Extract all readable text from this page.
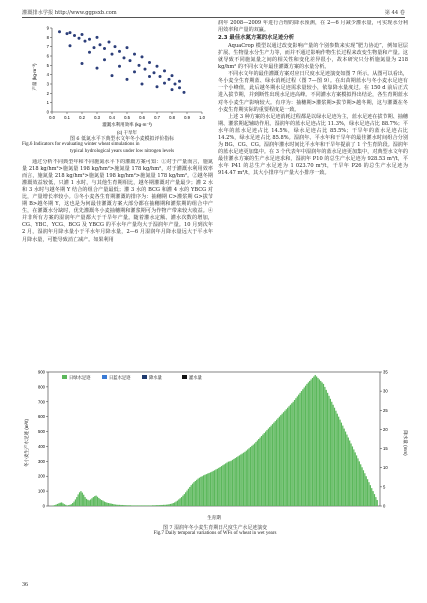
灌溉排水学报 http://www.ggpsxb.com	第 44 卷
产量 (kg·m⁻³)
0
1
2
3
4
5
6
7
8
9
0.0 0.1 0.2 0.3 0.4 0.5 0.6 0.7 0.8 0.9 1.0
灌溉水利用效率 (kg·m⁻³)
(c) 干旱年
图 6 低氮水平下典型水文年冬小麦模拟评价指标
Fig.6 Indicators for evaluating winter wheat simulations in
typical hydrological years under low nitrogen levels

通过分析不同典型年和不同施氮水平下的灌溉方案可知：①对于产量而言，施氮量 218 kg/hm²>施氮量 198 kg/hm²>施氮量 178 kg/hm²，对于灌溉水利用效率而言，施氮量 218 kg/hm²>施氮量 198 kg/hm²>施氮量 178 kg/hm²。②越冬期灌溉效益较低，只灌 1 水时，与其他生育期相比，越冬期灌溉对产量最少；灌 2 水和 3 水时与越冬期 Y 结合的组合产量最低；灌 3 水的 BCG 和灌 4 水的 YBCG 对比，产量增长率较小。③冬小麦各生育期灌溉的排序为：抽穗期 C>灌浆期 G>拔节期 B>越冬期 Y，这也是为何最佳灌溉方案大部分都在抽穗期和灌浆期的组合中产生，在灌溉水分缺时，优先灌溉冬小麦抽穗期和灌浆期可为作物产带来较大收益。④并非所有方案的湿润年产量都大于干旱年产量。随着灌水定额、灌水次数的增加，CG、YBC、YCG、BCG 及 YBCG 的平水年产量均大于湿润年产量。10 月到次年 2 月，湿润年月降水量小于平水年月降水量，2—6 月湿润年月降水量远大于平水年月降水量，可能导致消亡减产。如果利用

润年 2008—2009 年进行合理的降水预测，在 2—6 月减少灌水量，可实现水分利用效率和产量的双赢。

2.3 最佳水氮方案的水足迹分析

AquaCrop 模型以通过改变影响产量的个别参数来实现“肥力协迫”，例如冠层扩展、生物量水分生产力等，而并不通过影响作物生长过程来改变生物量和产量。这就导致不同施氮量之间的相关性和变化差异很小，故本研究只分析施氮量为 218 kg/hm² 的不同水文年最佳灌溉方案的水量分析。

不同水文年的最佳灌溉方案对应日尺度水足迹演变如图 7 所示。从图可以看出，冬小麦全生育期蓝、绿水消耗过程（图 7—图 9）。在出苗期蓝水与冬小麦水足迹有一个小峰值，此后越冬期水足迹需求量较小，依靠降水量度过。在 150 d 前后正式进入拔节期，并到断性出现水足迹高峰。不同灌水方案模拟得出结论，各生育期蓝水对冬小麦生产影响较大。有序为：抽穗期>灌浆期>拔节期>越冬期，这与灌溉在冬小麦生育期实际的重要程度是一致。

上述 3 种方案的水足迹消耗过程都是以绿水足迹为主，蓝水足迹在拔节期、抽穗期、灌浆期起辅助作用。湿润年的蓝水足迹占比 11.3%，绿水足迹占比 88.7%；平水年的蓝水足迹占比 14.5%，绿水足迹占比 85.5%；干旱年的蓝水足迹占比 14.2%，绿水足迹占比 85.8%。湿润年、平水年和干旱年的最佳灌水时间组合分别为 BG、CG、CG。湿润年灌水时间比平水年和干旱年提前了 1 个生育阶段。湿润年的蓝水足迹更加集中。在 3 个代表年中湿润年的蓝水足迹更加集中，对典型水文年的最佳灌水方案的生产水足迹求和，湿润年 P10 的总生产水足迹为 928.53 m³/t，平水年 P41 的总生产水足迹为 1 023.70 m³/t，干旱年 P26 的总生产水足迹为 914.47 m³/t，其大小排序与产量大小排序一致。

冬小麦生产水足迹 (m³/t)	降水量 (mm)
日绿水足迹	日蓝水足迹	降水量	灌水量
0
100
200
300
400
500
600
700
800
900
0
5
10
15
20
25
30
35
生育期
图 7 湿润年冬小麦生育期日尺度生产水足迹演变
Fig.7 Daily temporal variations of WFs of wheat in wet years
36
